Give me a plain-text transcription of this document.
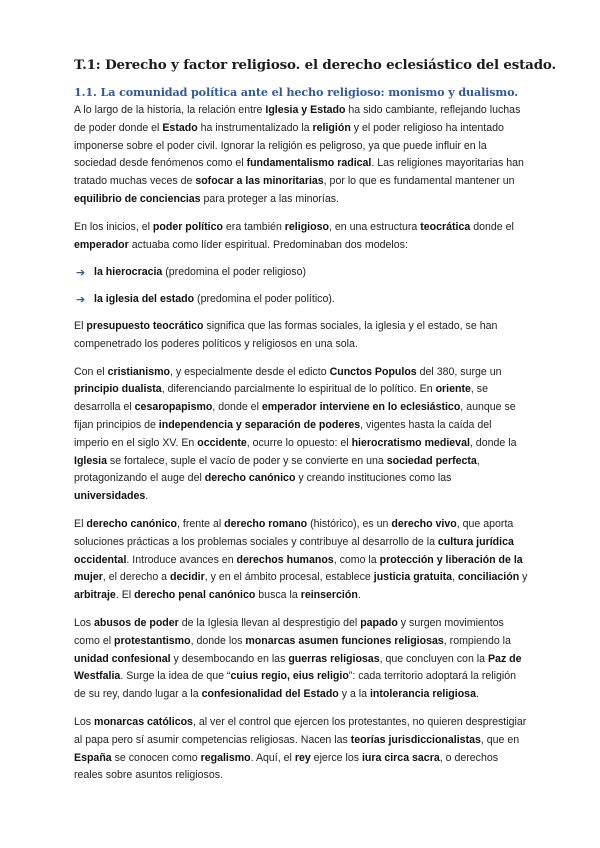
T.1: Derecho y factor religioso. el derecho eclesiástico del estado.
1.1. La comunidad política ante el hecho religioso: monismo y dualismo.

A lo largo de la historia, la relación entre Iglesia y Estado ha sido cambiante, reflejando luchas de poder donde el Estado ha instrumentalizado la religión y el poder religioso ha intentado imponerse sobre el poder civil. Ignorar la religión es peligroso, ya que puede influir en la sociedad desde fenómenos como el fundamentalismo radical. Las religiones mayoritarias han tratado muchas veces de sofocar a las minoritarias, por lo que es fundamental mantener un equilibrio de conciencias para proteger a las minorías.

En los inicios, el poder político era también religioso, en una estructura teocrática donde el emperador actuaba como líder espiritual. Predominaban dos modelos:

➔ la hierocracia (predomina el poder religioso)
➔ la iglesia del estado (predomina el poder político).

El presupuesto teocrático significa que las formas sociales, la iglesia y el estado, se han compenetrado los poderes políticos y religiosos en una sola.

Con el cristianismo, y especialmente desde el edicto Cunctos Populos del 380, surge un principio dualista, diferenciando parcialmente lo espiritual de lo político. En oriente, se desarrolla el cesaropapismo, donde el emperador interviene en lo eclesiástico, aunque se fijan principios de independencia y separación de poderes, vigentes hasta la caída del imperio en el siglo XV. En occidente, ocurre lo opuesto: el hierocratismo medieval, donde la Iglesia se fortalece, suple el vacío de poder y se convierte en una sociedad perfecta, protagonizando el auge del derecho canónico y creando instituciones como las universidades.

El derecho canónico, frente al derecho romano (histórico), es un derecho vivo, que aporta soluciones prácticas a los problemas sociales y contribuye al desarrollo de la cultura jurídica occidental. Introduce avances en derechos humanos, como la protección y liberación de la mujer, el derecho a decidir, y en el ámbito procesal, establece justicia gratuita, conciliación y arbitraje. El derecho penal canónico busca la reinserción.

Los abusos de poder de la Iglesia llevan al desprestigio del papado y surgen movimientos como el protestantismo, donde los monarcas asumen funciones religiosas, rompiendo la unidad confesional y desembocando en las guerras religiosas, que concluyen con la Paz de Westfalia. Surge la idea de que “cuius regio, eius religio”: cada territorio adoptará la religión de su rey, dando lugar a la confesionalidad del Estado y a la intolerancia religiosa.

Los monarcas católicos, al ver el control que ejercen los protestantes, no quieren desprestigiar al papa pero sí asumir competencias religiosas. Nacen las teorías jurisdiccionalistas, que en España se conocen como regalismo. Aquí, el rey ejerce los iura circa sacra, o derechos reales sobre asuntos religiosos.
